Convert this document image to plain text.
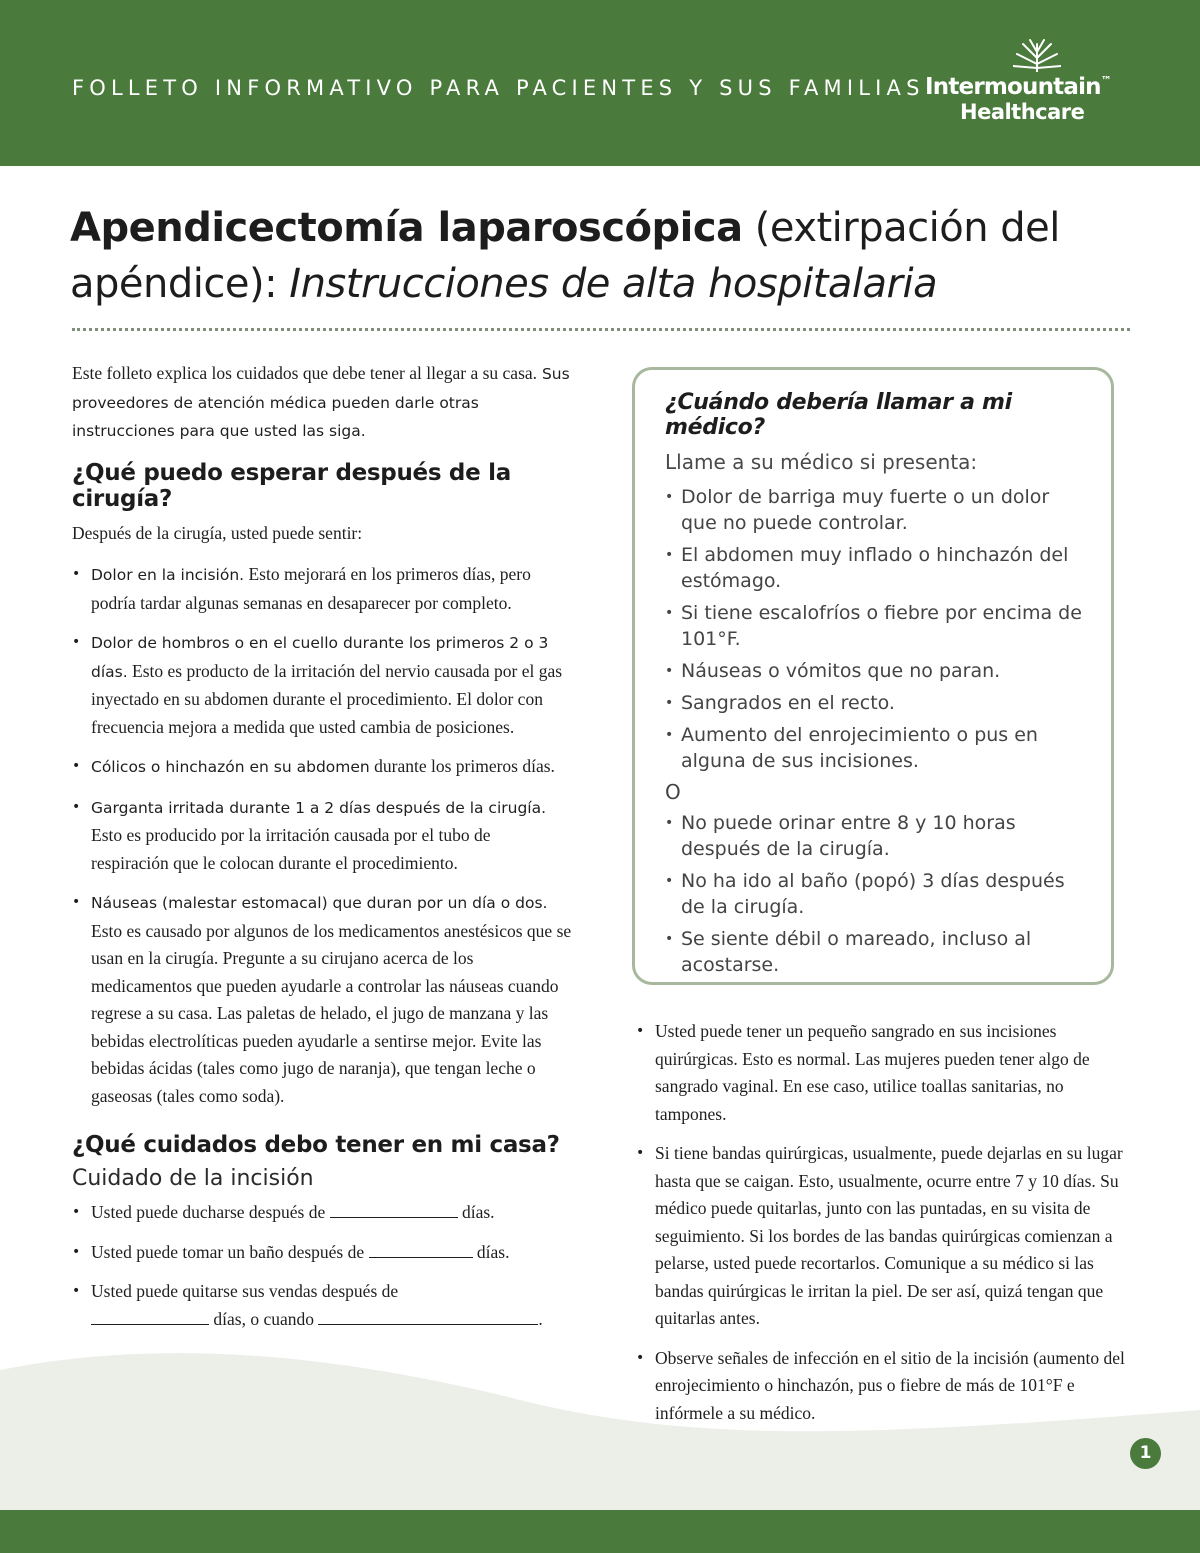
FOLLETO INFORMATIVO PARA PACIENTES Y SUS FAMILIAS Intermountain™
Healthcare
Apendicectomía laparoscópica (extirpación del apéndice): Instrucciones de alta hospitalaria

Este folleto explica los cuidados que debe tener al llegar a su casa. Sus proveedores de atención médica pueden darle otras instrucciones para que usted las siga.

¿Qué puedo esperar después de la cirugía?

Después de la cirugía, usted puede sentir:

• Dolor en la incisión. Esto mejorará en los primeros días, pero podría tardar algunas semanas en desaparecer por completo.
• Dolor de hombros o en el cuello durante los primeros 2 o 3 días. Esto es producto de la irritación del nervio causada por el gas inyectado en su abdomen durante el procedimiento. El dolor con frecuencia mejora a medida que usted cambia de posiciones.
• Cólicos o hinchazón en su abdomen durante los primeros días.
• Garganta irritada durante 1 a 2 días después de la cirugía. Esto es producido por la irritación causada por el tubo de respiración que le colocan durante el procedimiento.
• Náuseas (malestar estomacal) que duran por un día o dos. Esto es causado por algunos de los medicamentos anestésicos que se usan en la cirugía. Pregunte a su cirujano acerca de los medicamentos que pueden ayudarle a controlar las náuseas cuando regrese a su casa. Las paletas de helado, el jugo de manzana y las bebidas electrolíticas pueden ayudarle a sentirse mejor. Evite las bebidas ácidas (tales como jugo de naranja), que tengan leche o gaseosas (tales como soda).
¿Qué cuidados debo tener en mi casa?
Cuidado de la incisión
• Usted puede ducharse después de	días.
• Usted puede tomar un baño después de	días.
• Usted puede quitarse sus vendas después de
días, o cuando	.
¿Cuándo debería llamar a mi médico?

Llame a su médico si presenta:

• Dolor de barriga muy fuerte o un dolor que no puede controlar.
• El abdomen muy inflado o hinchazón del estómago.
• Si tiene escalofríos o fiebre por encima de 101°F.
• Náuseas o vómitos que no paran.
• Sangrados en el recto.
• Aumento del enrojecimiento o pus en alguna de sus incisiones.

O

• No puede orinar entre 8 y 10 horas después de la cirugía.
• No ha ido al baño (popó) 3 días después de la cirugía.
• Se siente débil o mareado, incluso al acostarse.
• Usted puede tener un pequeño sangrado en sus incisiones quirúrgicas. Esto es normal. Las mujeres pueden tener algo de sangrado vaginal. En ese caso, utilice toallas sanitarias, no tampones.
• Si tiene bandas quirúrgicas, usualmente, puede dejarlas en su lugar hasta que se caigan. Esto, usualmente, ocurre entre 7 y 10 días. Su médico puede quitarlas, junto con las puntadas, en su visita de seguimiento. Si los bordes de las bandas quirúrgicas comienzan a pelarse, usted puede recortarlos. Comunique a su médico si las bandas quirúrgicas le irritan la piel. De ser así, quizá tengan que quitarlas antes.
• Observe señales de infección en el sitio de la incisión (aumento del enrojecimiento o hinchazón, pus o fiebre de más de 101°F e infórmele a su médico.
1
